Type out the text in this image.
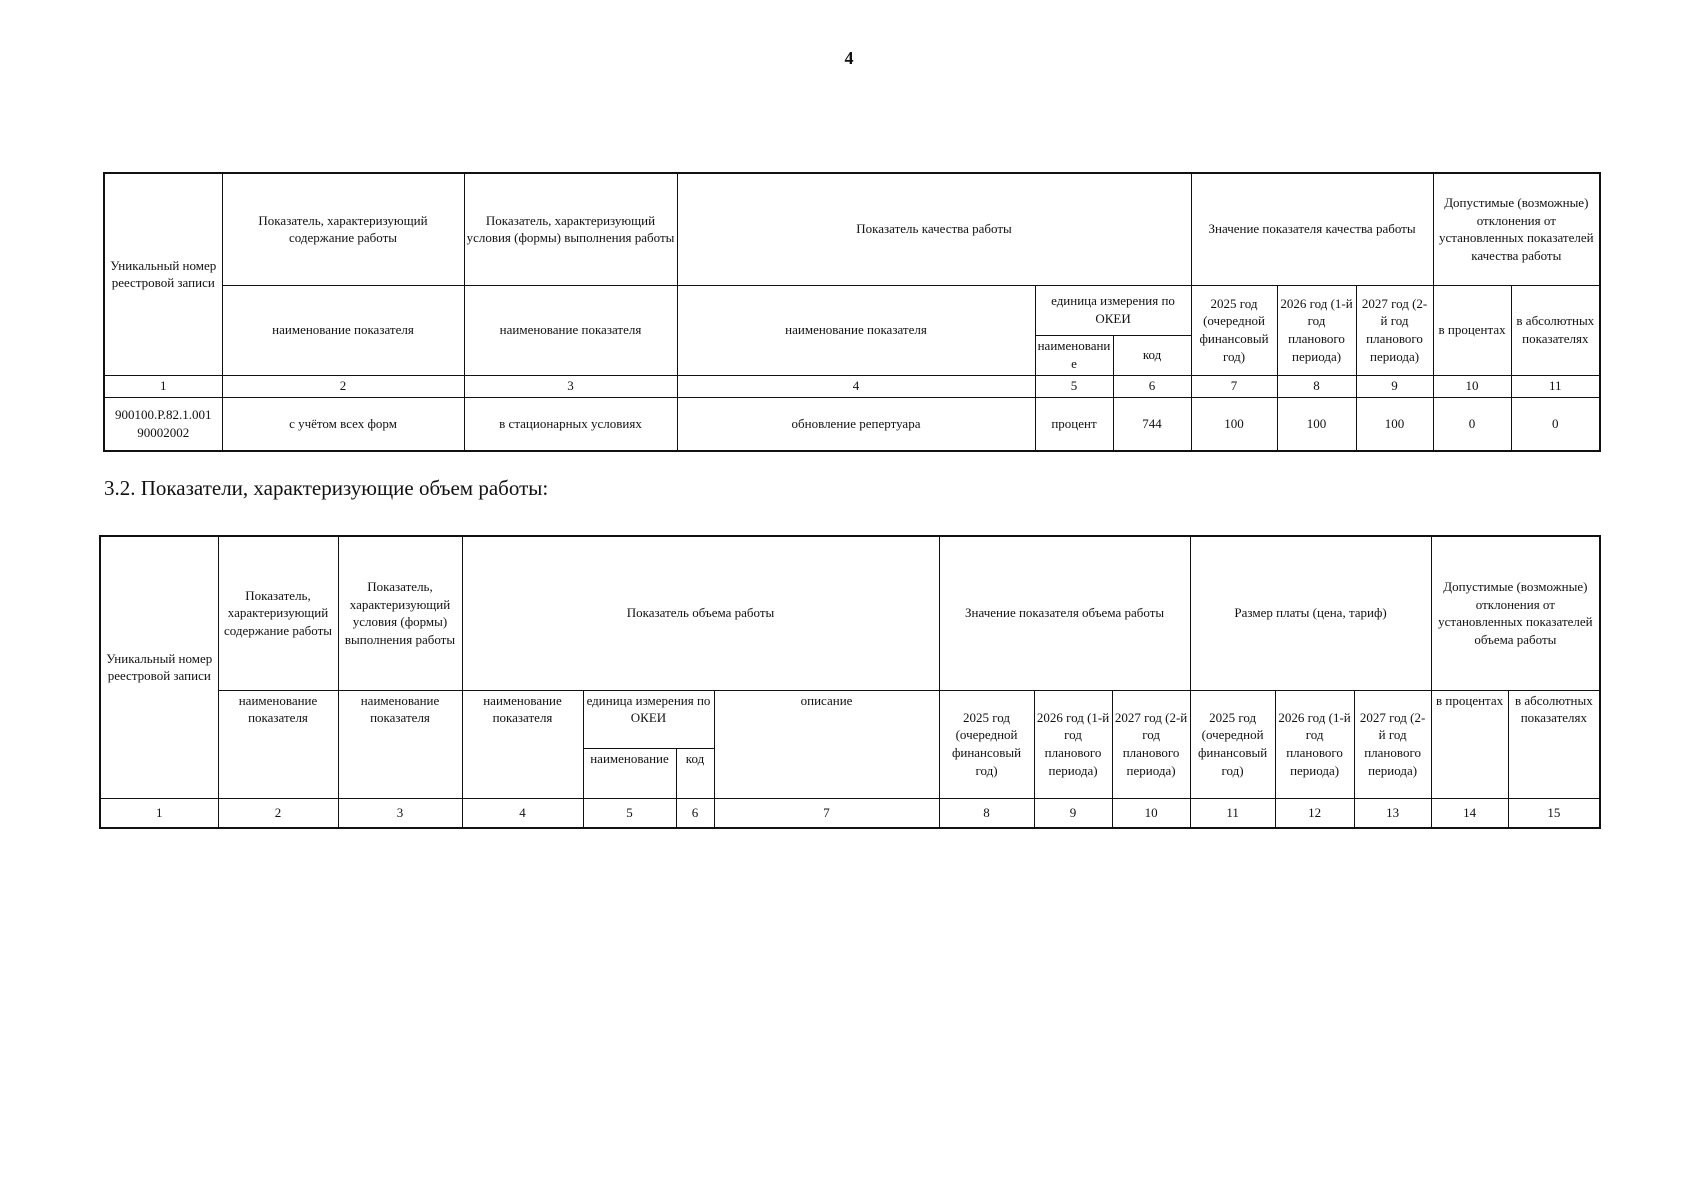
4
Уникальный номер реестровой записи	Показатель, характеризующий содержание работы	Показатель, характеризующий условия (формы) выполнения работы	Показатель качества работы			Значение показателя качества работы			Допустимые (возможные) отклонения от установленных показателей качества работы	
	наименование показателя	наименование показателя	наименование показателя	единица измерения по ОКЕИ		2025 год (очередной финансовый год)	2026 год (1-й год планового периода)	2027 год (2-й год планового периода)	в процентах	в абсолютных показателях
				наименование	код					
1	2	3	4	5	6	7	8	9	10	11
900100.Р.82.1.001 90002002	с учётом всех форм	в стационарных условиях	обновление репертуара	процент	744	100	100	100	0	0
3.2. Показатели, характеризующие объем работы:
Уникальный номер реестровой записи	Показатель, характеризующий содержание работы	Показатель, характеризующий условия (формы) выполнения работы	Показатель объема работы				Значение показателя объема работы			Размер платы (цена, тариф)			Допустимые (возможные) отклонения от установленных показателей объема работы	
	наименование показателя	наименование показателя	наименование показателя	единица измерения по ОКЕИ		описание	2025 год (очередной финансовый год)	2026 год (1-й год планового периода)	2027 год (2-й год планового периода)	2025 год (очередной финансовый год)	2026 год (1-й год планового периода)	2027 год (2-й год планового периода)	в процентах	в абсолютных показателях
				наименование	код									
1	2	3	4	5	6	7	8	9	10	11	12	13	14	15
